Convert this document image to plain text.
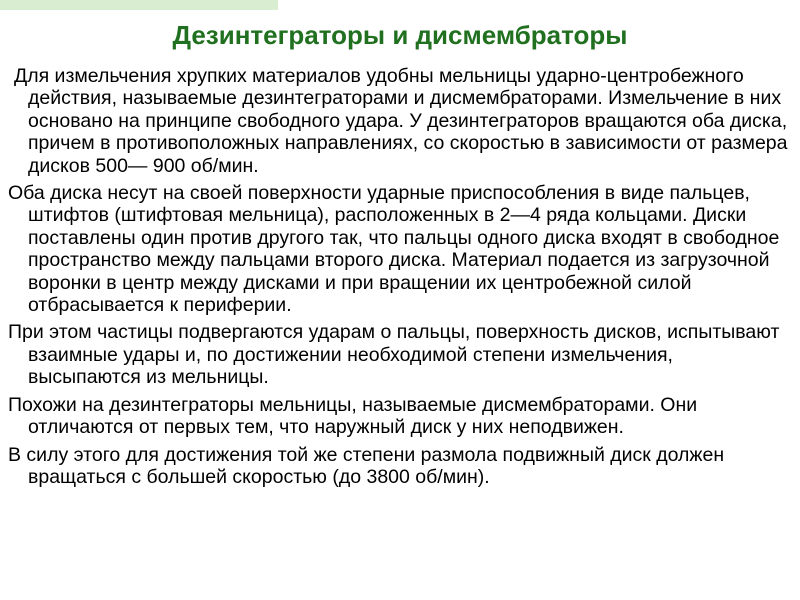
Дезинтеграторы и дисмембраторы

Для измельчения хрупких материалов удобны мельницы ударно-центробежного действия, называемые дезинтеграторами и дисмембраторами. Измельчение в них основано на принципе свободного удара. У дезинтеграторов вращаются оба диска, причем в противоположных направлениях, со скоростью в зависимости от размера дисков 500— 900 об/мин.

Оба диска несут на своей поверхности ударные приспособления в виде пальцев, штифтов (штифтовая мельница), расположенных в 2—4 ряда кольцами. Диски поставлены один против другого так, что пальцы одного диска входят в свободное пространство между пальцами второго диска. Материал подается из загрузочной воронки в центр между дисками и при вращении их центробежной силой отбрасывается к периферии.

При этом частицы подвергаются ударам о пальцы, поверхность дисков, испытывают взаимные удары и, по достижении необходимой степени измельчения, высыпаются из мельницы.

Похожи на дезинтеграторы мельницы, называемые дисмембраторами. Они отличаются от первых тем, что наружный диск у них неподвижен.

В силу этого для достижения той же степени размола подвижный диск должен вращаться с большей скоростью (до 3800 об/мин).
